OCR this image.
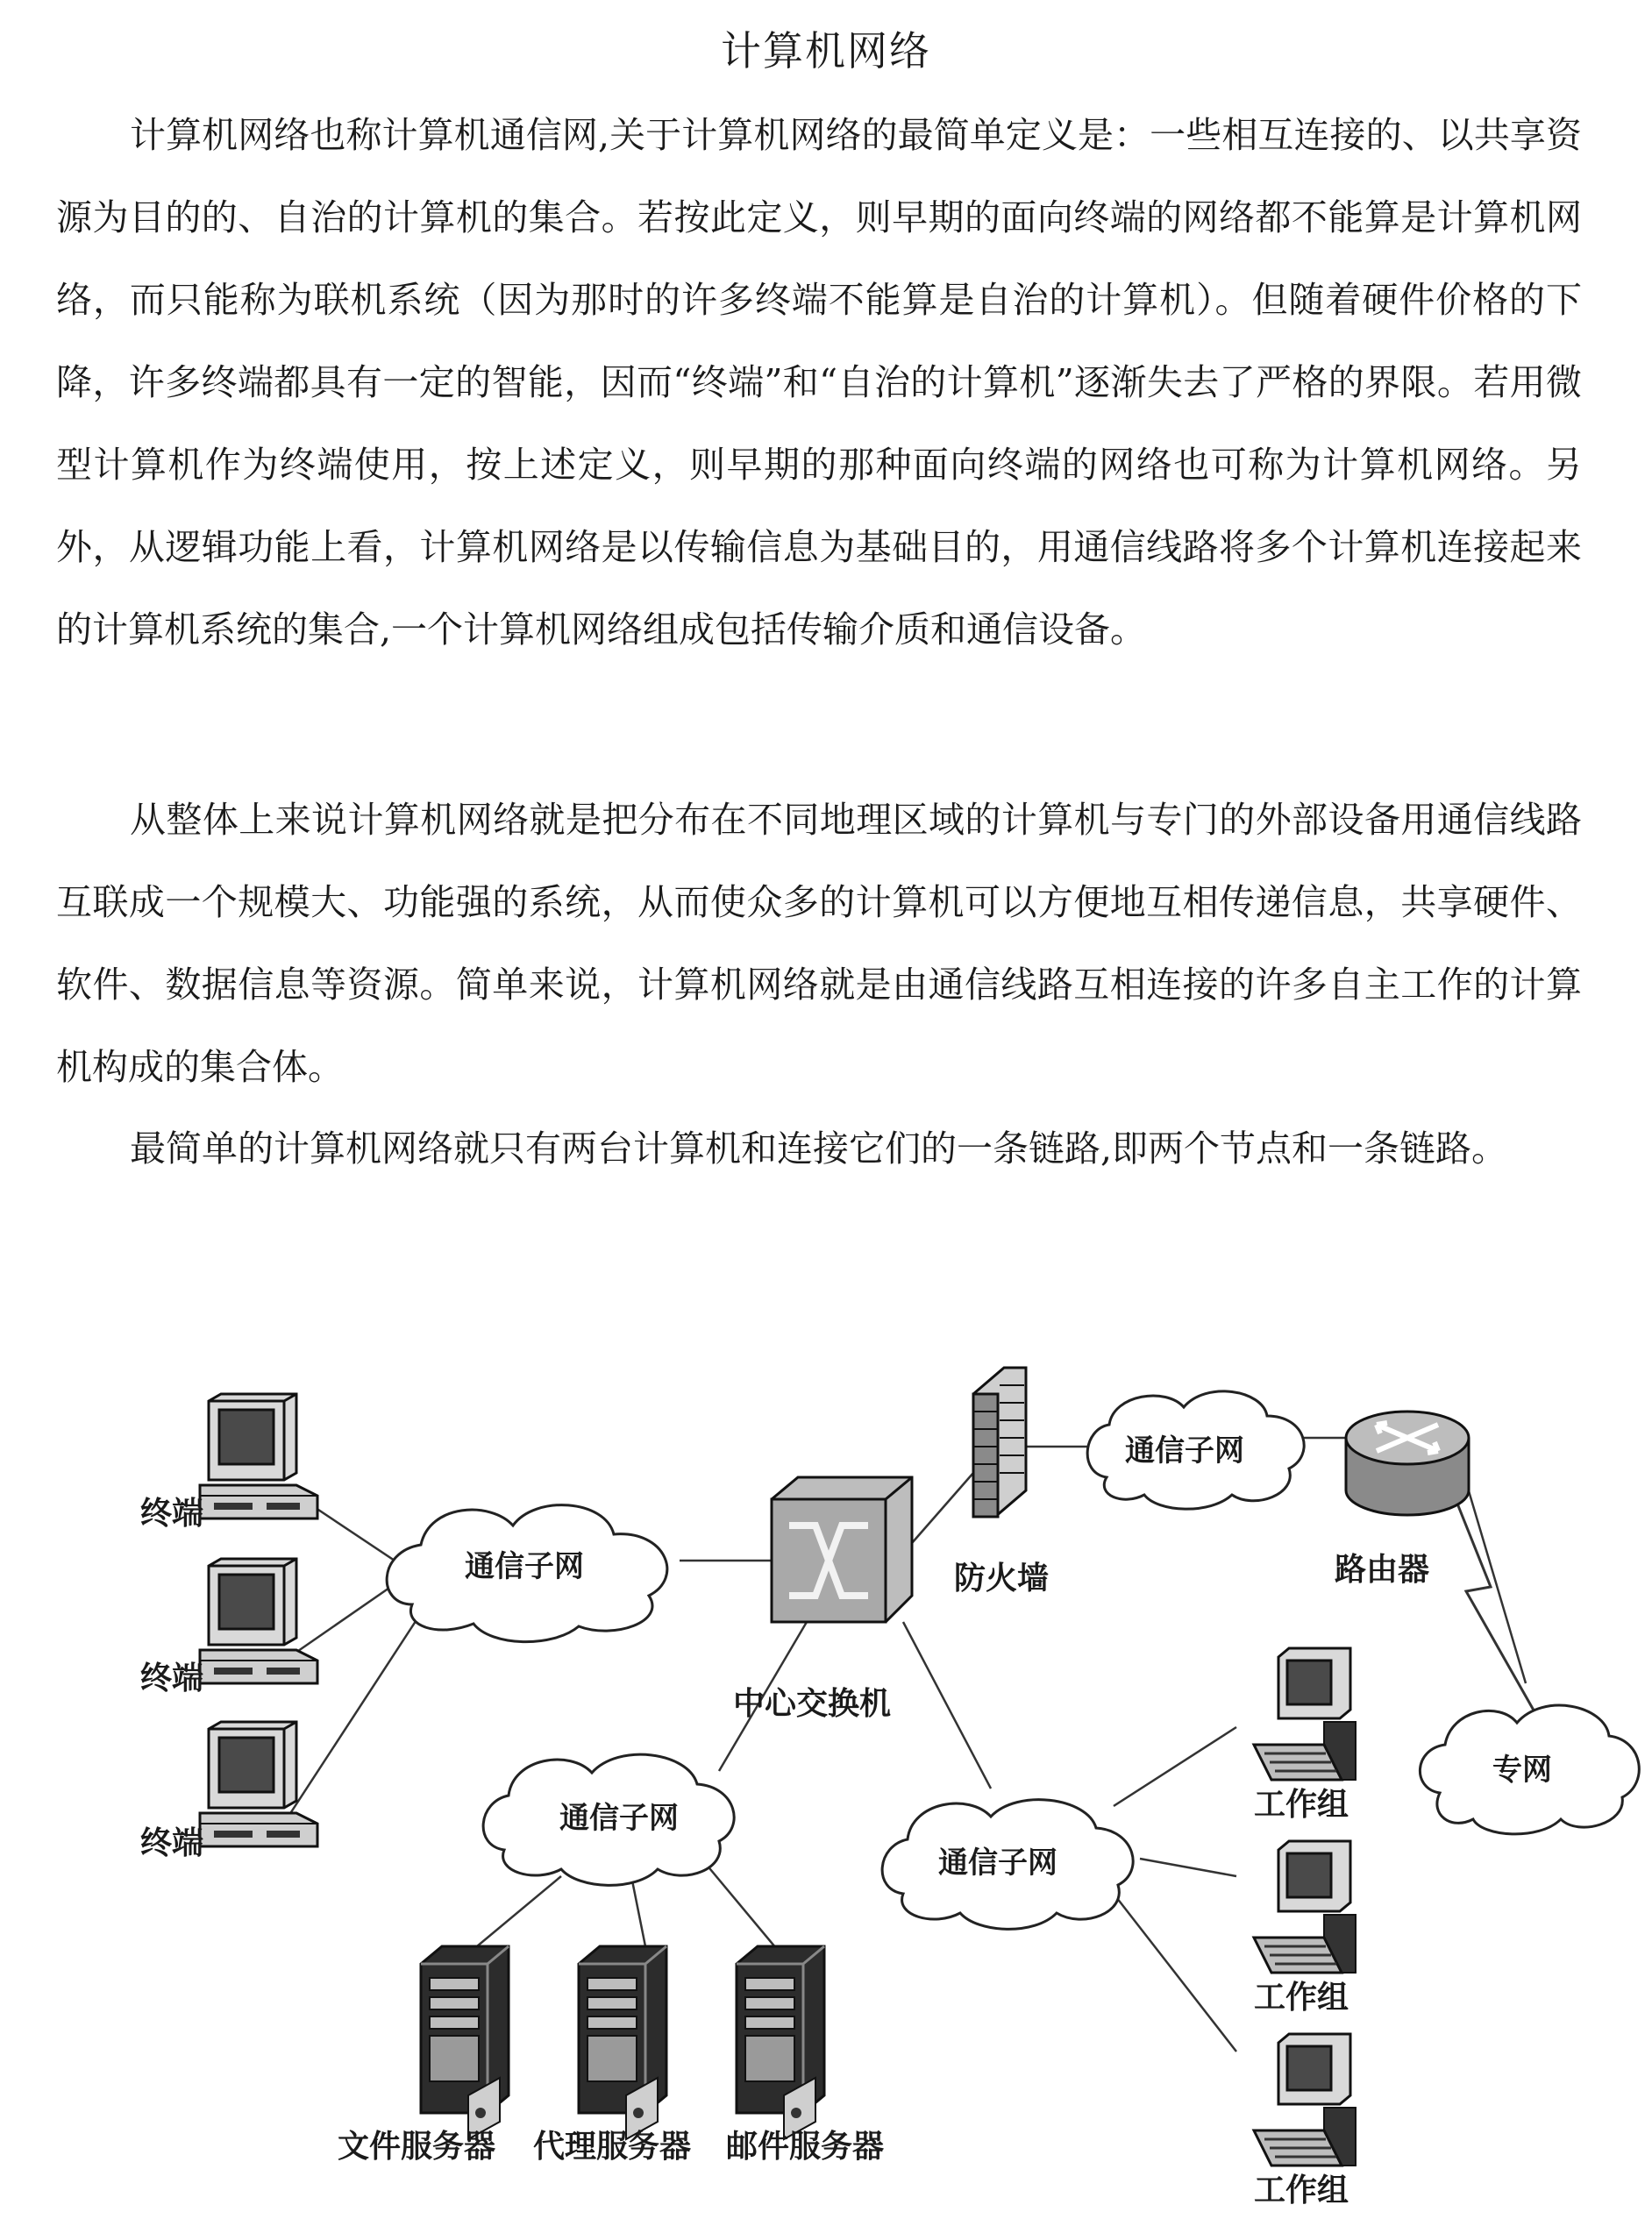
计算机网络

计算机网络也称计算机通信网,关于计算机网络的最简单定义是：一些相互连接的、以共享资源为目的的、自治的计算机的集合。若按此定义，则早期的面向终端的网络都不能算是计算机网络，而只能称为联机系统（因为那时的许多终端不能算是自治的计算机）。但随着硬件价格的下降，许多终端都具有一定的智能，因而“终端”和“自治的计算机”逐渐失去了严格的界限。若用微型计算机作为终端使用，按上述定义，则早期的那种面向终端的网络也可称为计算机网络。另外，从逻辑功能上看，计算机网络是以传输信息为基础目的，用通信线路将多个计算机连接起来的计算机系统的集合,一个计算机网络组成包括传输介质和通信设备。

从整体上来说计算机网络就是把分布在不同地理区域的计算机与专门的外部设备用通信线路互联成一个规模大、功能强的系统，从而使众多的计算机可以方便地互相传递信息，共享硬件、软件、数据信息等资源。简单来说，计算机网络就是由通信线路互相连接的许多自主工作的计算机构成的集合体。

最简单的计算机网络就只有两台计算机和连接它们的一条链路,即两个节点和一条链路。

终端
终端
终端
通信子网
中心交换机
防火墙
通信子网
路由器
专网
通信子网
通信子网
文件服务器 代理服务器 邮件服务器
工作组
工作组
工作组
